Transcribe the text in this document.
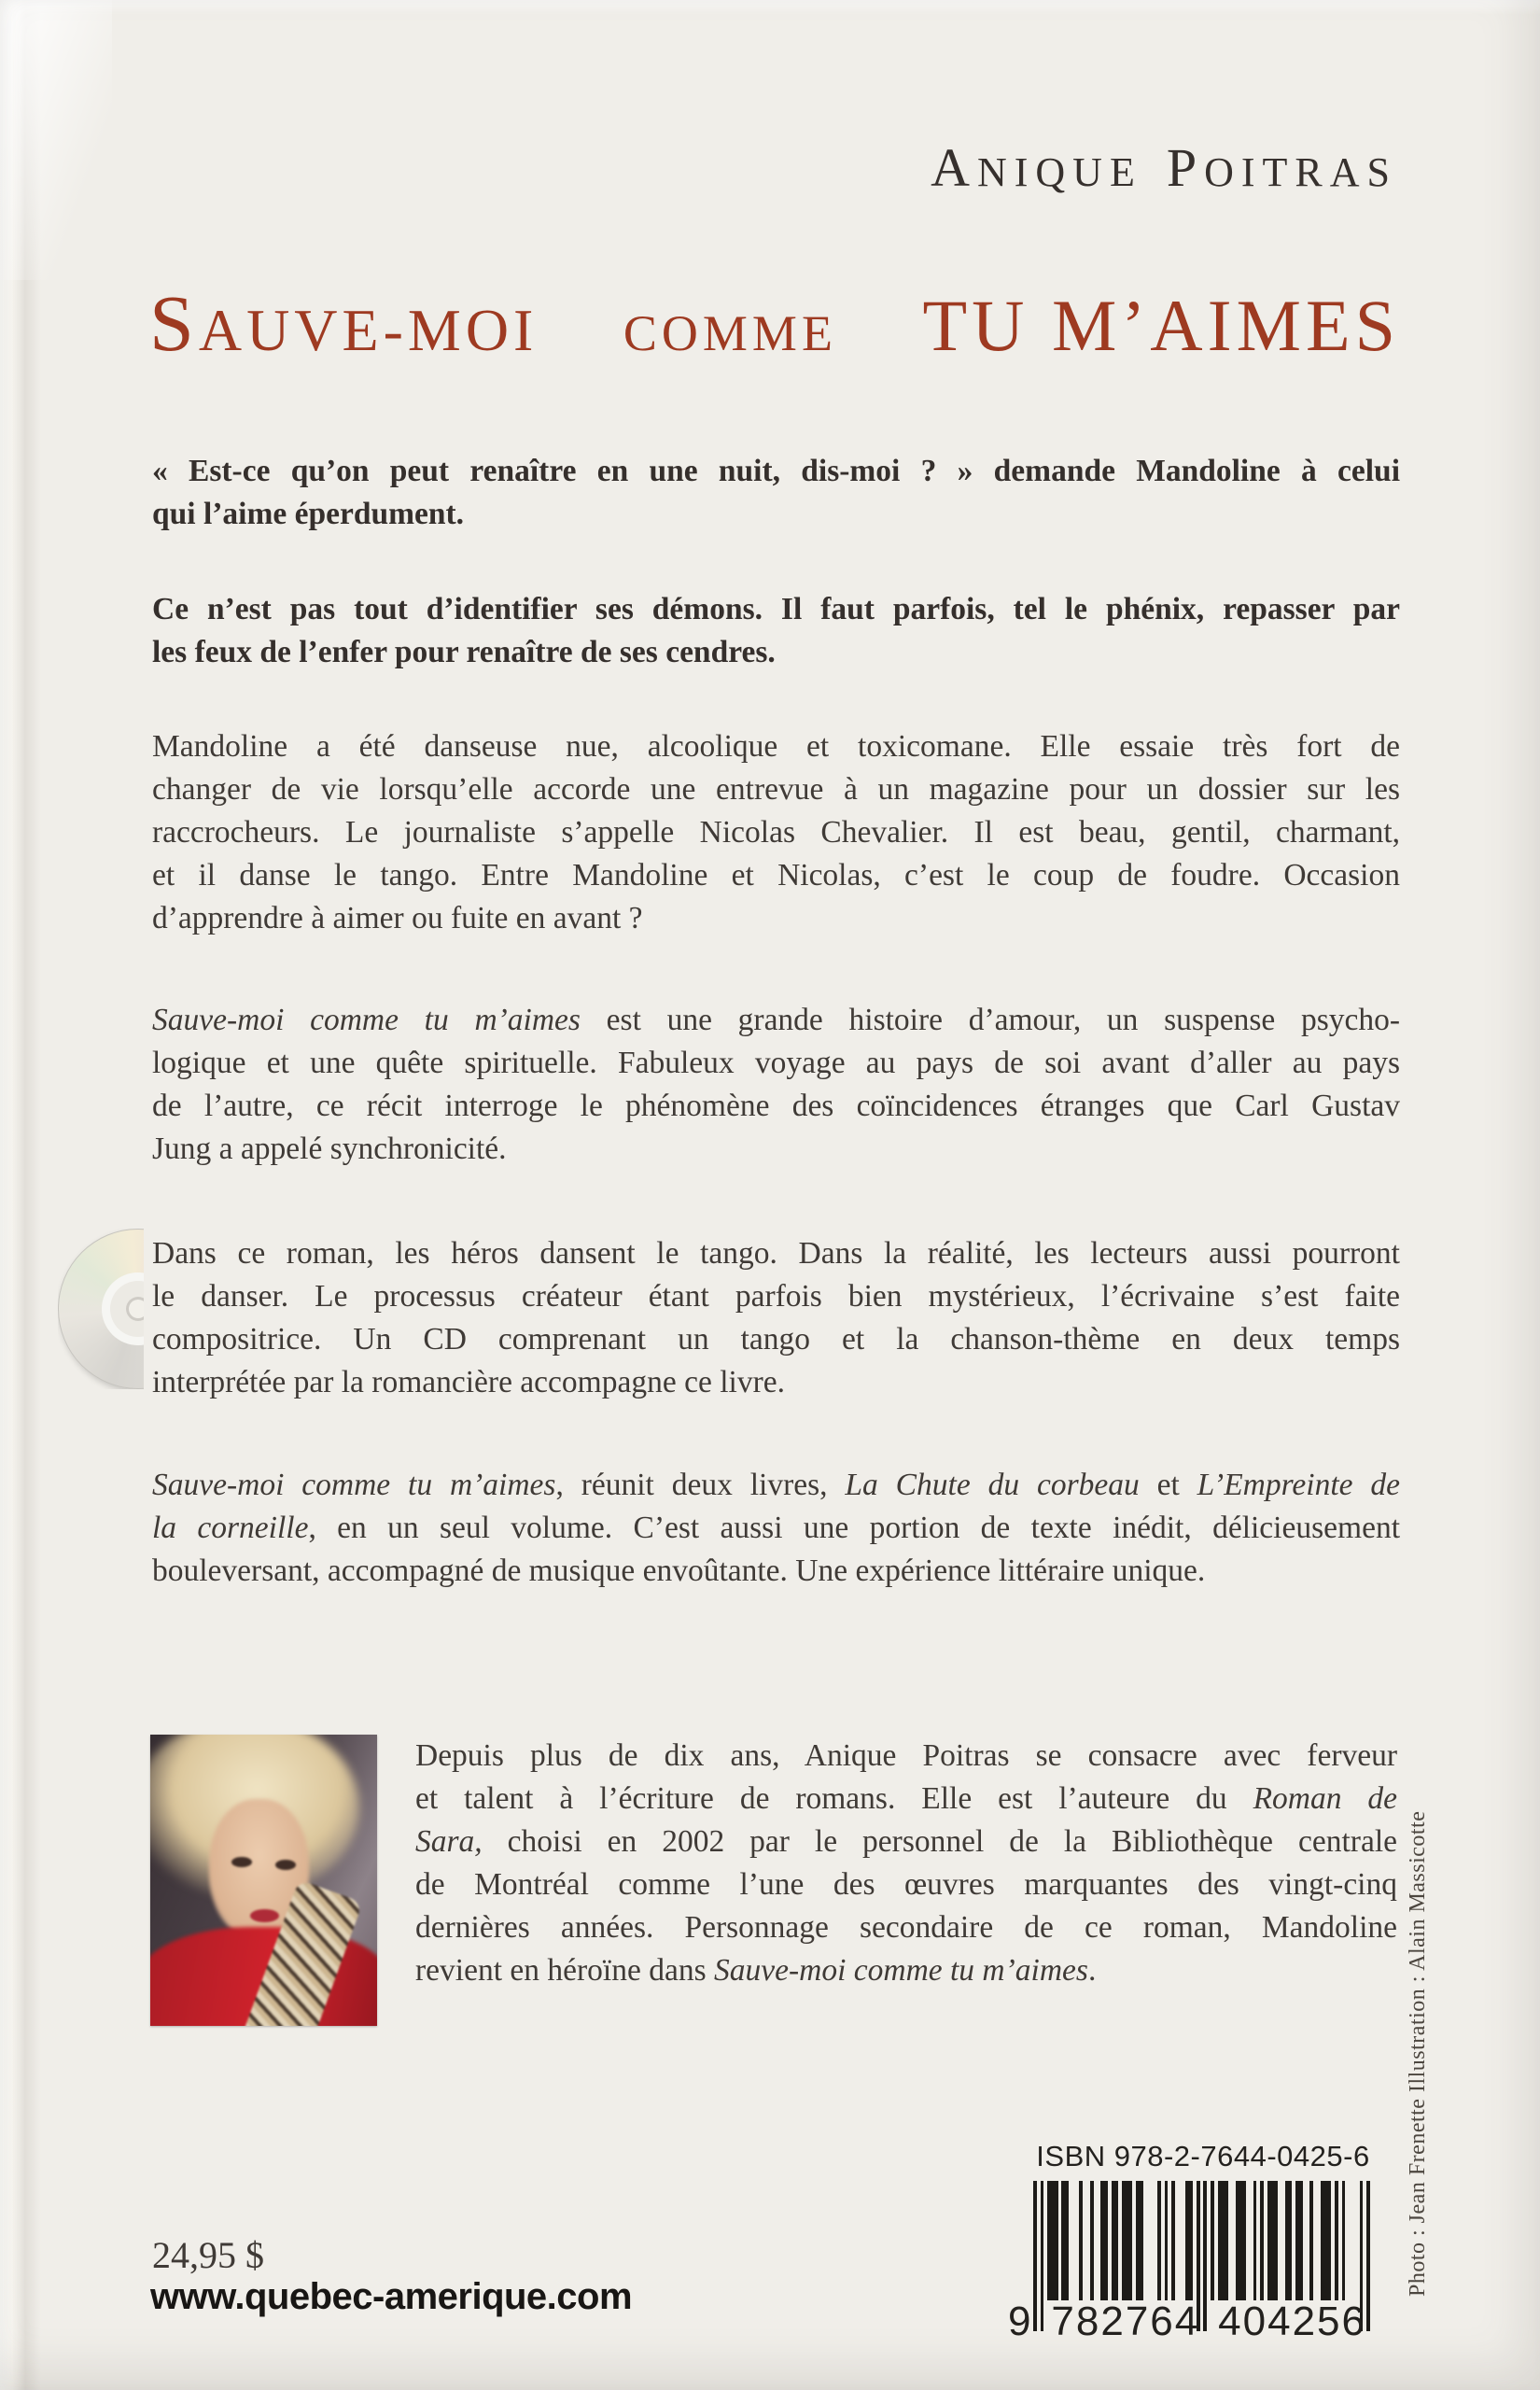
ANIQUE POITRAS
SAUVE-MOI COMME TU M’AIMES
« Est-ce qu’on peut renaître en une nuit, dis-moi ? » demande Mandoline à celui
qui l’aime éperdument.
Ce n’est pas tout d’identifier ses démons. Il faut parfois, tel le phénix, repasser par
les feux de l’enfer pour renaître de ses cendres.
Mandoline a été danseuse nue, alcoolique et toxicomane. Elle essaie très fort de
changer de vie lorsqu’elle accorde une entrevue à un magazine pour un dossier sur les
raccrocheurs. Le journaliste s’appelle Nicolas Chevalier. Il est beau, gentil, charmant,
et il danse le tango. Entre Mandoline et Nicolas, c’est le coup de foudre. Occasion
d’apprendre à aimer ou fuite en avant ?
Sauve-moi comme tu m’aimes est une grande histoire d’amour, un suspense psycho-
logique et une quête spirituelle. Fabuleux voyage au pays de soi avant d’aller au pays
de l’autre, ce récit interroge le phénomène des coïncidences étranges que Carl Gustav
Jung a appelé synchronicité.
Dans ce roman, les héros dansent le tango. Dans la réalité, les lecteurs aussi pourront
le danser. Le processus créateur étant parfois bien mystérieux, l’écrivaine s’est faite
compositrice. Un CD comprenant un tango et la chanson-thème en deux temps
interprétée par la romancière accompagne ce livre.
Sauve-moi comme tu m’aimes, réunit deux livres, La Chute du corbeau et L’Empreinte de
la corneille, en un seul volume. C’est aussi une portion de texte inédit, délicieusement
bouleversant, accompagné de musique envoûtante. Une expérience littéraire unique.
Depuis plus de dix ans, Anique Poitras se consacre avec ferveur
et talent à l’écriture de romans. Elle est l’auteure du Roman de
Sara, choisi en 2002 par le personnel de la Bibliothèque centrale
de Montréal comme l’une des œuvres marquantes des vingt-cinq
dernières années. Personnage secondaire de ce roman, Mandoline
revient en héroïne dans Sauve-moi comme tu m’aimes.	Photo : Jean Frenette Illustration : Alain Massicotte
ISBN 978-2-7644-0425-6
9 782764 404256
24,95 $
www.quebec-amerique.com
